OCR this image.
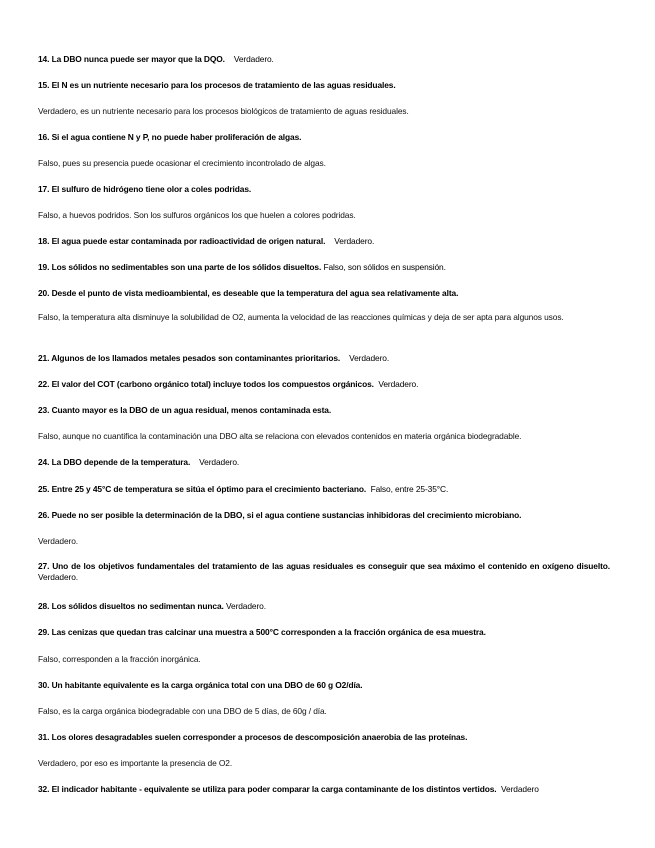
14. La DBO nunca puede ser mayor que la DQO. Verdadero.
15. El N es un nutriente necesario para los procesos de tratamiento de las aguas residuales.
Verdadero, es un nutriente necesario para los procesos biológicos de tratamiento de aguas residuales.
16. Si el agua contiene N y P, no puede haber proliferación de algas.
Falso, pues su presencia puede ocasionar el crecimiento incontrolado de algas.
17. El sulfuro de hidrógeno tiene olor a coles podridas.
Falso, a huevos podridos. Son los sulfuros orgánicos los que huelen a colores podridas.
18. El agua puede estar contaminada por radioactividad de origen natural. Verdadero.
19. Los sólidos no sedimentables son una parte de los sólidos disueltos. Falso, son sólidos en suspensión.
20. Desde el punto de vista medioambiental, es deseable que la temperatura del agua sea relativamente alta.
Falso, la temperatura alta disminuye la solubilidad de O2, aumenta la velocidad de las reacciones químicas y deja de ser apta para algunos usos.
21. Algunos de los llamados metales pesados son contaminantes prioritarios. Verdadero.
22. El valor del COT (carbono orgánico total) incluye todos los compuestos orgánicos. Verdadero.
23. Cuanto mayor es la DBO de un agua residual, menos contaminada esta.
Falso, aunque no cuantifica la contaminación una DBO alta se relaciona con elevados contenidos en materia orgánica biodegradable.
24. La DBO depende de la temperatura. Verdadero.
25. Entre 25 y 45°C de temperatura se sitúa el óptimo para el crecimiento bacteriano. Falso, entre 25-35°C.
26. Puede no ser posible la determinación de la DBO, si el agua contiene sustancias inhibidoras del crecimiento microbiano.
Verdadero.
27. Uno de los objetivos fundamentales del tratamiento de las aguas residuales es conseguir que sea máximo el contenido en oxígeno disuelto.    Verdadero.
28. Los sólidos disueltos no sedimentan nunca. Verdadero.
29. Las cenizas que quedan tras calcinar una muestra a 500°C corresponden a la fracción orgánica de esa muestra.
Falso, corresponden a la fracción inorgánica.
30. Un habitante equivalente es la carga orgánica total con una DBO de 60 g O2/día.
Falso, es la carga orgánica biodegradable con una DBO de 5 días, de 60g / día.
31. Los olores desagradables suelen corresponder a procesos de descomposición anaerobia de las proteínas.
Verdadero, por eso es importante la presencia de O2.
32. El indicador habitante - equivalente se utiliza para poder comparar la carga contaminante de los distintos vertidos. Verdadero
